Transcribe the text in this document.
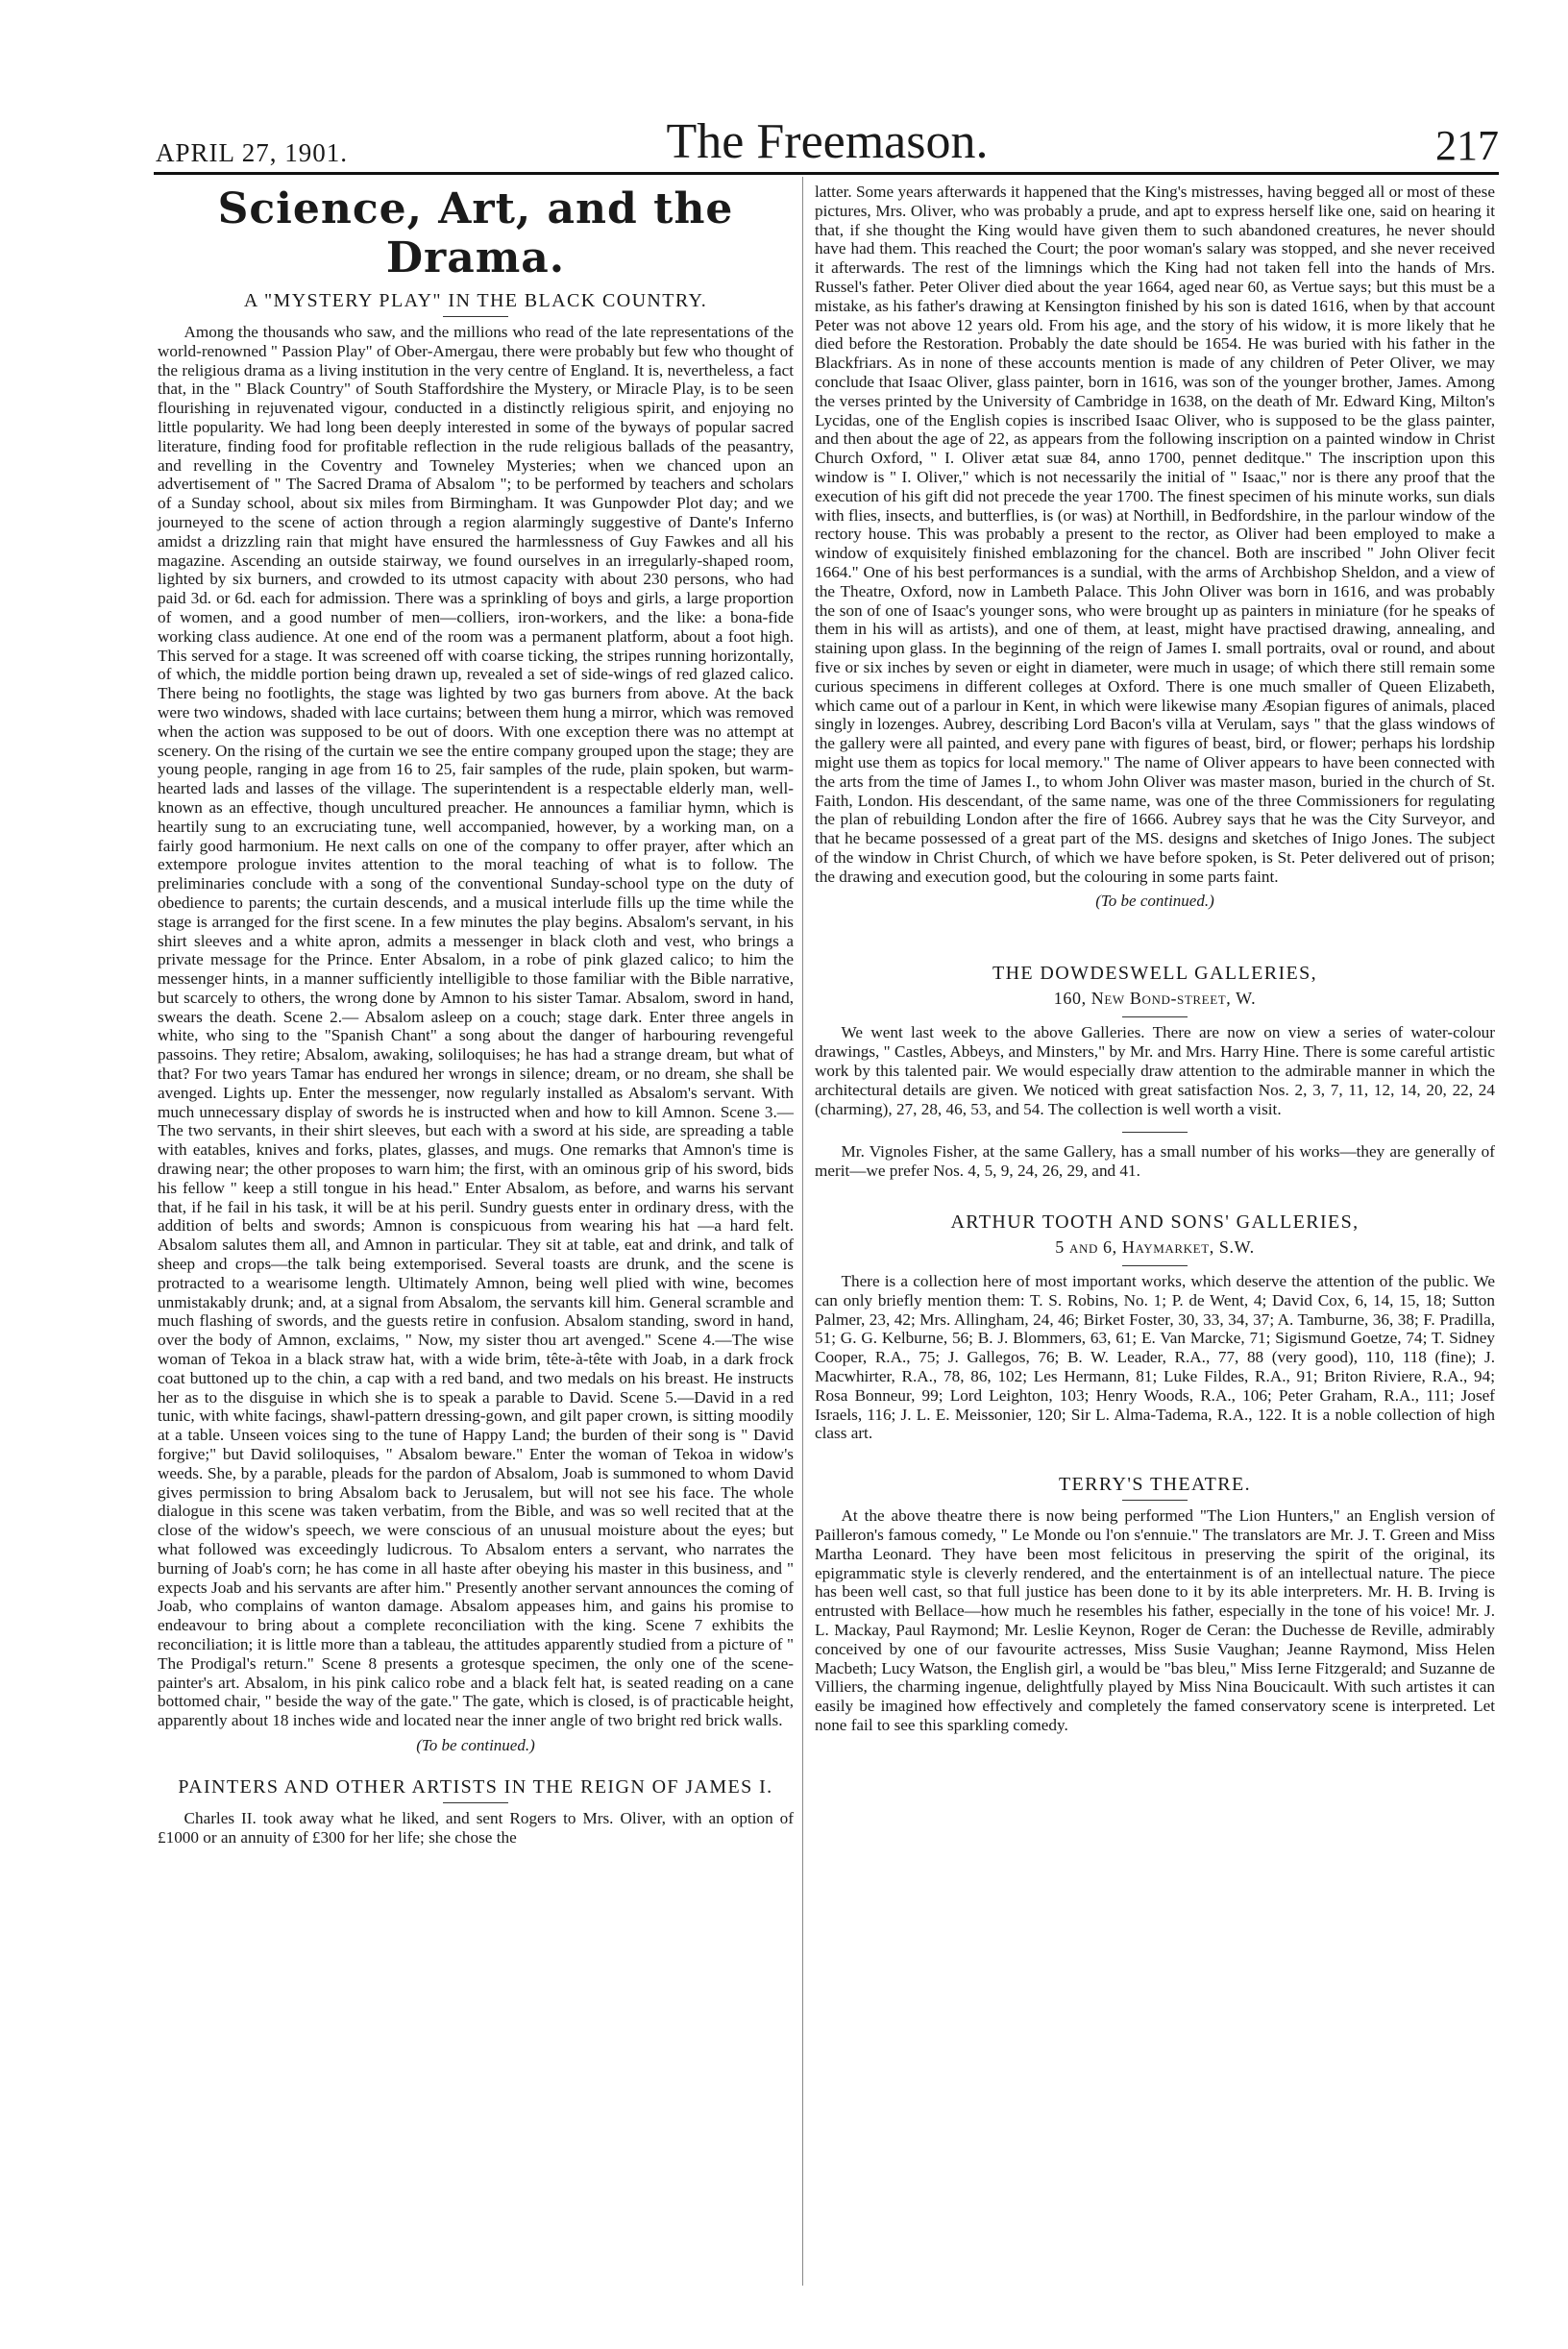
APRIL 27, 1901.	The Freemason.	217
Science, Art, and the Drama.
A "MYSTERY PLAY" IN THE BLACK COUNTRY.

Among the thousands who saw, and the millions who read of the late representations of the world-renowned " Passion Play" of Ober-Amergau, there were probably but few who thought of the religious drama as a living institution in the very centre of England. It is, nevertheless, a fact that, in the " Black Country" of South Staffordshire the Mystery, or Miracle Play, is to be seen flourishing in rejuvenated vigour, conducted in a distinctly religious spirit, and enjoying no little popularity. We had long been deeply interested in some of the byways of popular sacred literature, finding food for profitable reflection in the rude religious ballads of the peasantry, and revelling in the Coventry and Towneley Mysteries; when we chanced upon an advertisement of " The Sacred Drama of Absalom "; to be performed by teachers and scholars of a Sunday school, about six miles from Birmingham. It was Gunpowder Plot day; and we journeyed to the scene of action through a region alarmingly suggestive of Dante's Inferno amidst a drizzling rain that might have ensured the harmlessness of Guy Fawkes and all his magazine. Ascending an outside stairway, we found ourselves in an irregularly-shaped room, lighted by six burners, and crowded to its utmost capacity with about 230 persons, who had paid 3d. or 6d. each for admission. There was a sprinkling of boys and girls, a large proportion of women, and a good number of men—colliers, iron-workers, and the like: a bona-fide working class audience. At one end of the room was a permanent platform, about a foot high. This served for a stage. It was screened off with coarse ticking, the stripes running horizontally, of which, the middle portion being drawn up, revealed a set of side-wings of red glazed calico. There being no footlights, the stage was lighted by two gas burners from above. At the back were two windows, shaded with lace curtains; between them hung a mirror, which was removed when the action was supposed to be out of doors. With one exception there was no attempt at scenery. On the rising of the curtain we see the entire company grouped upon the stage; they are young people, ranging in age from 16 to 25, fair samples of the rude, plain spoken, but warm-hearted lads and lasses of the village. The superintendent is a respectable elderly man, well-known as an effective, though uncultured preacher. He announces a familiar hymn, which is heartily sung to an excruciating tune, well accompanied, however, by a working man, on a fairly good harmonium. He next calls on one of the company to offer prayer, after which an extempore prologue invites attention to the moral teaching of what is to follow. The preliminaries conclude with a song of the conventional Sunday-school type on the duty of obedience to parents; the curtain descends, and a musical interlude fills up the time while the stage is arranged for the first scene. In a few minutes the play begins. Absalom's servant, in his shirt sleeves and a white apron, admits a messenger in black cloth and vest, who brings a private message for the Prince. Enter Absalom, in a robe of pink glazed calico; to him the messenger hints, in a manner sufficiently intelligible to those familiar with the Bible narrative, but scarcely to others, the wrong done by Amnon to his sister Tamar. Absalom, sword in hand, swears the death. Scene 2.— Absalom asleep on a couch; stage dark. Enter three angels in white, who sing to the "Spanish Chant" a song about the danger of harbouring revengeful passoins. They retire; Absalom, awaking, soliloquises; he has had a strange dream, but what of that? For two years Tamar has endured her wrongs in silence; dream, or no dream, she shall be avenged. Lights up. Enter the messenger, now regularly installed as Absalom's servant. With much unnecessary display of swords he is instructed when and how to kill Amnon. Scene 3.—The two servants, in their shirt sleeves, but each with a sword at his side, are spreading a table with eatables, knives and forks, plates, glasses, and mugs. One remarks that Amnon's time is drawing near; the other proposes to warn him; the first, with an ominous grip of his sword, bids his fellow " keep a still tongue in his head." Enter Absalom, as before, and warns his servant that, if he fail in his task, it will be at his peril. Sundry guests enter in ordinary dress, with the addition of belts and swords; Amnon is conspicuous from wearing his hat —a hard felt. Absalom salutes them all, and Amnon in particular. They sit at table, eat and drink, and talk of sheep and crops—the talk being extemporised. Several toasts are drunk, and the scene is protracted to a wearisome length. Ultimately Amnon, being well plied with wine, becomes unmistakably drunk; and, at a signal from Absalom, the servants kill him. General scramble and much flashing of swords, and the guests retire in confusion. Absalom standing, sword in hand, over the body of Amnon, exclaims, " Now, my sister thou art avenged." Scene 4.—The wise woman of Tekoa in a black straw hat, with a wide brim, tête-à-tête with Joab, in a dark frock coat buttoned up to the chin, a cap with a red band, and two medals on his breast. He instructs her as to the disguise in which she is to speak a parable to David. Scene 5.—David in a red tunic, with white facings, shawl-pattern dressing-gown, and gilt paper crown, is sitting moodily at a table. Unseen voices sing to the tune of Happy Land; the burden of their song is " David forgive;" but David soliloquises, " Absalom beware." Enter the woman of Tekoa in widow's weeds. She, by a parable, pleads for the pardon of Absalom, Joab is summoned to whom David gives permission to bring Absalom back to Jerusalem, but will not see his face. The whole dialogue in this scene was taken verbatim, from the Bible, and was so well recited that at the close of the widow's speech, we were conscious of an unusual moisture about the eyes; but what followed was exceedingly ludicrous. To Absalom enters a servant, who narrates the burning of Joab's corn; he has come in all haste after obeying his master in this business, and " expects Joab and his servants are after him." Presently another servant announces the coming of Joab, who complains of wanton damage. Absalom appeases him, and gains his promise to endeavour to bring about a complete reconciliation with the king. Scene 7 exhibits the reconciliation; it is little more than a tableau, the attitudes apparently studied from a picture of " The Prodigal's return." Scene 8 presents a grotesque specimen, the only one of the scene-painter's art. Absalom, in his pink calico robe and a black felt hat, is seated reading on a cane bottomed chair, " beside the way of the gate." The gate, which is closed, is of practicable height, apparently about 18 inches wide and located near the inner angle of two bright red brick walls.

(To be continued.)
PAINTERS AND OTHER ARTISTS IN THE REIGN OF JAMES I.

Charles II. took away what he liked, and sent Rogers to Mrs. Oliver, with an option of £1000 or an annuity of £300 for her life; she chose the

latter. Some years afterwards it happened that the King's mistresses, having begged all or most of these pictures, Mrs. Oliver, who was probably a prude, and apt to express herself like one, said on hearing it that, if she thought the King would have given them to such abandoned creatures, he never should have had them. This reached the Court; the poor woman's salary was stopped, and she never received it afterwards. The rest of the limnings which the King had not taken fell into the hands of Mrs. Russel's father. Peter Oliver died about the year 1664, aged near 60, as Vertue says; but this must be a mistake, as his father's drawing at Kensington finished by his son is dated 1616, when by that account Peter was not above 12 years old. From his age, and the story of his widow, it is more likely that he died before the Restoration. Probably the date should be 1654. He was buried with his father in the Blackfriars. As in none of these accounts mention is made of any children of Peter Oliver, we may conclude that Isaac Oliver, glass painter, born in 1616, was son of the younger brother, James. Among the verses printed by the University of Cambridge in 1638, on the death of Mr. Edward King, Milton's Lycidas, one of the English copies is inscribed Isaac Oliver, who is supposed to be the glass painter, and then about the age of 22, as appears from the following inscription on a painted window in Christ Church Oxford, " I. Oliver ætat suæ 84, anno 1700, pennet deditque." The inscription upon this window is " I. Oliver," which is not necessarily the initial of " Isaac," nor is there any proof that the execution of his gift did not precede the year 1700. The finest specimen of his minute works, sun dials with flies, insects, and butterflies, is (or was) at Northill, in Bedfordshire, in the parlour window of the rectory house. This was probably a present to the rector, as Oliver had been employed to make a window of exquisitely finished emblazoning for the chancel. Both are inscribed " John Oliver fecit 1664." One of his best performances is a sundial, with the arms of Archbishop Sheldon, and a view of the Theatre, Oxford, now in Lambeth Palace. This John Oliver was born in 1616, and was probably the son of one of Isaac's younger sons, who were brought up as painters in miniature (for he speaks of them in his will as artists), and one of them, at least, might have practised drawing, annealing, and staining upon glass. In the beginning of the reign of James I. small portraits, oval or round, and about five or six inches by seven or eight in diameter, were much in usage; of which there still remain some curious specimens in different colleges at Oxford. There is one much smaller of Queen Elizabeth, which came out of a parlour in Kent, in which were likewise many Æsopian figures of animals, placed singly in lozenges. Aubrey, describing Lord Bacon's villa at Verulam, says " that the glass windows of the gallery were all painted, and every pane with figures of beast, bird, or flower; perhaps his lordship might use them as topics for local memory." The name of Oliver appears to have been connected with the arts from the time of James I., to whom John Oliver was master mason, buried in the church of St. Faith, London. His descendant, of the same name, was one of the three Commissioners for regulating the plan of rebuilding London after the fire of 1666. Aubrey says that he was the City Surveyor, and that he became possessed of a great part of the MS. designs and sketches of Inigo Jones. The subject of the window in Christ Church, of which we have before spoken, is St. Peter delivered out of prison; the drawing and execution good, but the colouring in some parts faint.

(To be continued.)
THE DOWDESWELL GALLERIES,
160, New Bond-street, W.

We went last week to the above Galleries. There are now on view a series of water-colour drawings, " Castles, Abbeys, and Minsters," by Mr. and Mrs. Harry Hine. There is some careful artistic work by this talented pair. We would especially draw attention to the admirable manner in which the architectural details are given. We noticed with great satisfaction Nos. 2, 3, 7, 11, 12, 14, 20, 22, 24 (charming), 27, 28, 46, 53, and 54. The collection is well worth a visit.

Mr. Vignoles Fisher, at the same Gallery, has a small number of his works—they are generally of merit—we prefer Nos. 4, 5, 9, 24, 26, 29, and 41.

ARTHUR TOOTH AND SONS' GALLERIES,
5 and 6, Haymarket, S.W.

There is a collection here of most important works, which deserve the attention of the public. We can only briefly mention them: T. S. Robins, No. 1; P. de Went, 4; David Cox, 6, 14, 15, 18; Sutton Palmer, 23, 42; Mrs. Allingham, 24, 46; Birket Foster, 30, 33, 34, 37; A. Tamburne, 36, 38; F. Pradilla, 51; G. G. Kelburne, 56; B. J. Blommers, 63, 61; E. Van Marcke, 71; Sigismund Goetze, 74; T. Sidney Cooper, R.A., 75; J. Gallegos, 76; B. W. Leader, R.A., 77, 88 (very good), 110, 118 (fine); J. Macwhirter, R.A., 78, 86, 102; Les Hermann, 81; Luke Fildes, R.A., 91; Briton Riviere, R.A., 94; Rosa Bonneur, 99; Lord Leighton, 103; Henry Woods, R.A., 106; Peter Graham, R.A., 111; Josef Israels, 116; J. L. E. Meissonier, 120; Sir L. Alma-Tadema, R.A., 122. It is a noble collection of high class art.

TERRY'S THEATRE.

At the above theatre there is now being performed "The Lion Hunters," an English version of Pailleron's famous comedy, " Le Monde ou l'on s'ennuie." The translators are Mr. J. T. Green and Miss Martha Leonard. They have been most felicitous in preserving the spirit of the original, its epigrammatic style is cleverly rendered, and the entertainment is of an intellectual nature. The piece has been well cast, so that full justice has been done to it by its able interpreters. Mr. H. B. Irving is entrusted with Bellace—how much he resembles his father, especially in the tone of his voice! Mr. J. L. Mackay, Paul Raymond; Mr. Leslie Keynon, Roger de Ceran: the Duchesse de Reville, admirably conceived by one of our favourite actresses, Miss Susie Vaughan; Jeanne Raymond, Miss Helen Macbeth; Lucy Watson, the English girl, a would be "bas bleu," Miss Ierne Fitzgerald; and Suzanne de Villiers, the charming ingenue, delightfully played by Miss Nina Boucicault. With such artistes it can easily be imagined how effectively and completely the famed conservatory scene is interpreted. Let none fail to see this sparkling comedy.
